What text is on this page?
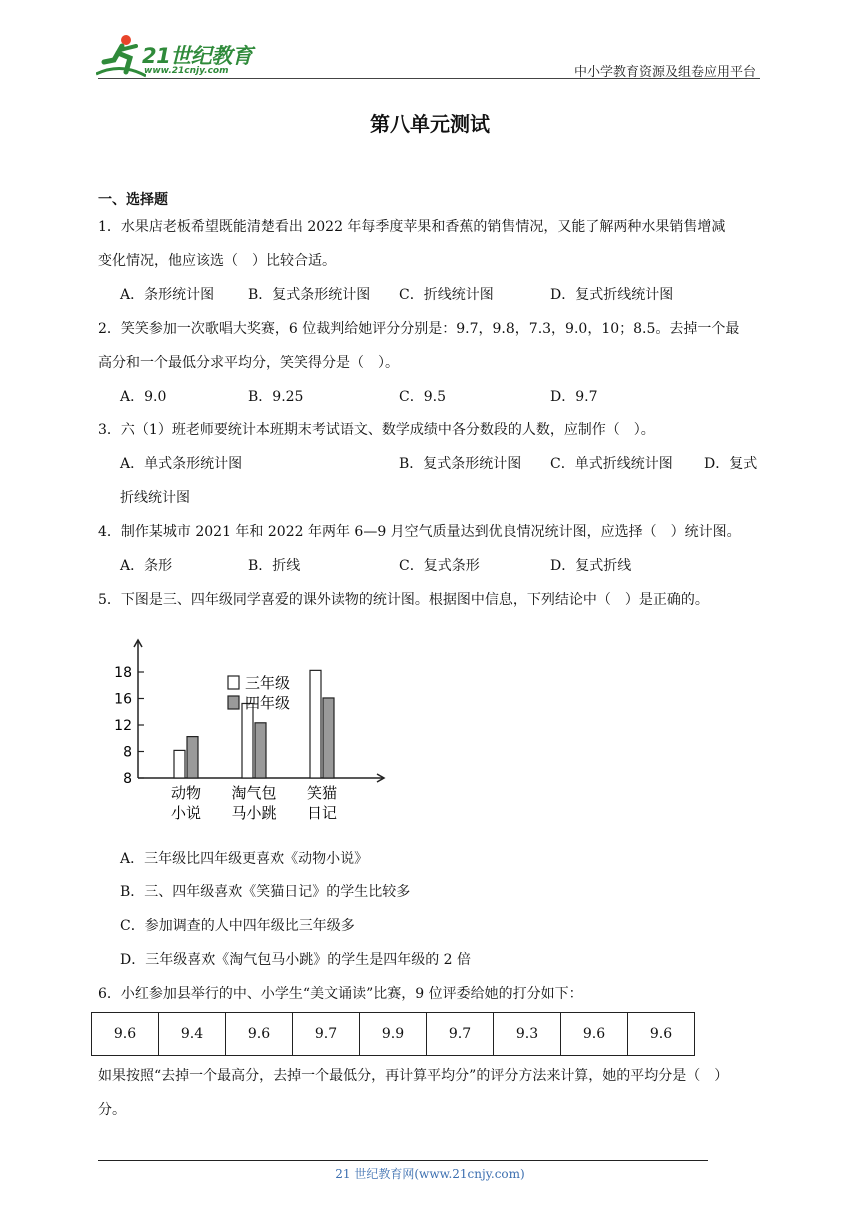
21世纪教育
www.21cnjy.com	中小学教育资源及组卷应用平台
第八单元测试
一、选择题
1．水果店老板希望既能清楚看出 2022 年每季度苹果和香蕉的销售情况，又能了解两种水果销售增减
变化情况，他应该选（　）比较合适。
A．条形统计图 B．复式条形统计图 C．折线统计图	D．复式折线统计图
2．笑笑参加一次歌唱大奖赛，6 位裁判给她评分分别是：9.7，9.8，7.3，9.0，10；8.5。去掉一个最
高分和一个最低分求平均分，笑笑得分是（　）。
A．9.0	B．9.25	C．9.5	D．9.7
3．六（1）班老师要统计本班期末考试语文、数学成绩中各分数段的人数，应制作（　）。
A．单式条形统计图	B．复式条形统计图 C．单式折线统计图 D．复式
折线统计图
4．制作某城市 2021 年和 2022 年两年 6—9 月空气质量达到优良情况统计图，应选择（　）统计图。
A．条形	B．折线	C．复式条形	D．复式折线
5．下图是三、四年级同学喜爱的课外读物的统计图。根据图中信息，下列结论中（　）是正确的。
18
16
12
8
8
动物
小说
淘气包
马小跳
笑猫
日记
三年级
四年级
A．三年级比四年级更喜欢《动物小说》
B．三、四年级喜欢《笑猫日记》的学生比较多
C．参加调查的人中四年级比三年级多
D．三年级喜欢《淘气包马小跳》的学生是四年级的 2 倍
6．小红参加县举行的中、小学生“美文诵读”比赛，9 位评委给她的打分如下：
9.6	9.4	9.6	9.7	9.9	9.7	9.3	9.6	9.6
如果按照“去掉一个最高分，去掉一个最低分，再计算平均分”的评分方法来计算，她的平均分是（　）
分。
21 世纪教育网(www.21cnjy.com)
